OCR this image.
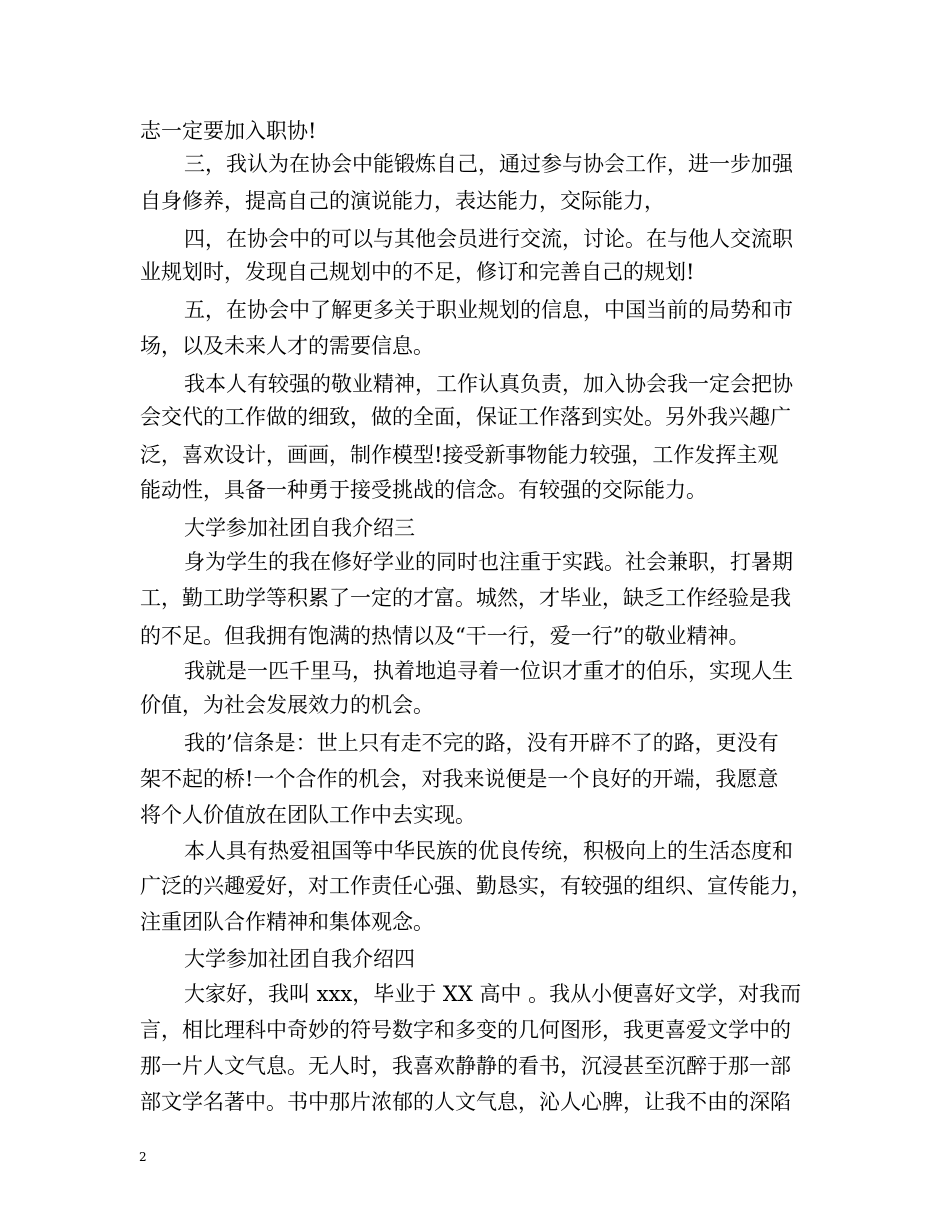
志一定要加入职协!
三，我认为在协会中能锻炼自己，通过参与协会工作，进一步加强
自身修养，提高自己的演说能力，表达能力，交际能力，
四，在协会中的可以与其他会员进行交流，讨论。在与他人交流职
业规划时，发现自己规划中的不足，修订和完善自己的规划!
五，在协会中了解更多关于职业规划的信息，中国当前的局势和市
场，以及未来人才的需要信息。
我本人有较强的敬业精神，工作认真负责，加入协会我一定会把协
会交代的工作做的细致，做的全面，保证工作落到实处。另外我兴趣广
泛，喜欢设计，画画，制作模型!接受新事物能力较强，工作发挥主观
能动性，具备一种勇于接受挑战的信念。有较强的交际能力。
大学参加社团自我介绍三
身为学生的我在修好学业的同时也注重于实践。社会兼职，打暑期
工，勤工助学等积累了一定的才富。城然，才毕业，缺乏工作经验是我
的不足。但我拥有饱满的热情以及“干一行，爱一行”的敬业精神。
我就是一匹千里马，执着地追寻着一位识才重才的伯乐，实现人生
价值，为社会发展效力的机会。
我的’信条是：世上只有走不完的路，没有开辟不了的路，更没有
架不起的桥!一个合作的机会，对我来说便是一个良好的开端，我愿意
将个人价值放在团队工作中去实现。
本人具有热爱祖国等中华民族的优良传统，积极向上的生活态度和
广泛的兴趣爱好，对工作责任心强、勤恳实，有较强的组织、宣传能力，
注重团队合作精神和集体观念。
大学参加社团自我介绍四
大家好，我叫 xxx，毕业于 XX 高中 。我从小便喜好文学，对我而
言，相比理科中奇妙的符号数字和多变的几何图形，我更喜爱文学中的
那一片人文气息。无人时，我喜欢静静的看书，沉浸甚至沉醉于那一部
部文学名著中。书中那片浓郁的人文气息，沁人心脾，让我不由的深陷
2
